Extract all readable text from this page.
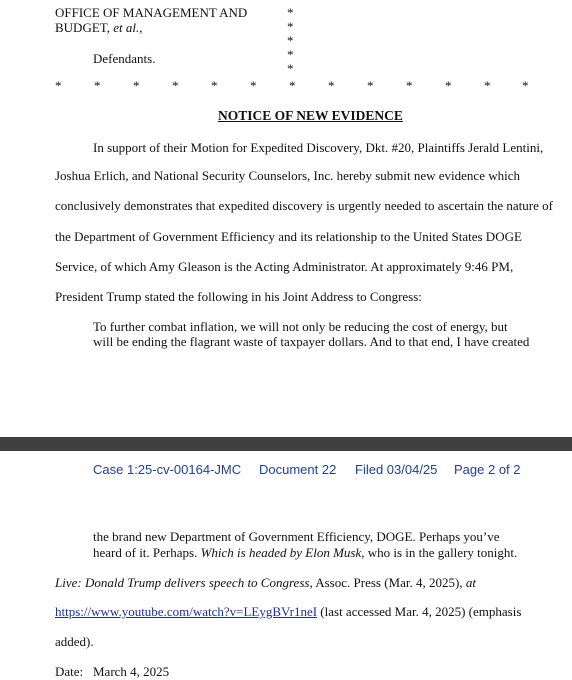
OFFICE OF MANAGEMENT AND
BUDGET, et al.,
Defendants.
*
*
*
*
*
*	*	*	*	*	*	*	*	*	*	*	* *
NOTICE OF NEW EVIDENCE
In support of their Motion for Expedited Discovery, Dkt. #20, Plaintiffs Jerald Lentini,
Joshua Erlich, and National Security Counselors, Inc. hereby submit new evidence which
conclusively demonstrates that expedited discovery is urgently needed to ascertain the nature of
the Department of Government Efficiency and its relationship to the United States DOGE
Service, of which Amy Gleason is the Acting Administrator. At approximately 9:46 PM,
President Trump stated the following in his Joint Address to Congress:
To further combat inflation, we will not only be reducing the cost of energy, but
will be ending the flagrant waste of taxpayer dollars. And to that end, I have created
Case 1:25-cv-00164-JMC Document 22 Filed 03/04/25 Page 2 of 2
the brand new Department of Government Efficiency, DOGE. Perhaps you’ve
heard of it. Perhaps. Which is headed by Elon Musk, who is in the gallery tonight.
Live: Donald Trump delivers speech to Congress, Assoc. Press (Mar. 4, 2025), at
https://www.youtube.com/watch?v=LEygBVr1neI (last accessed Mar. 4, 2025) (emphasis
added).
Date: March 4, 2025
